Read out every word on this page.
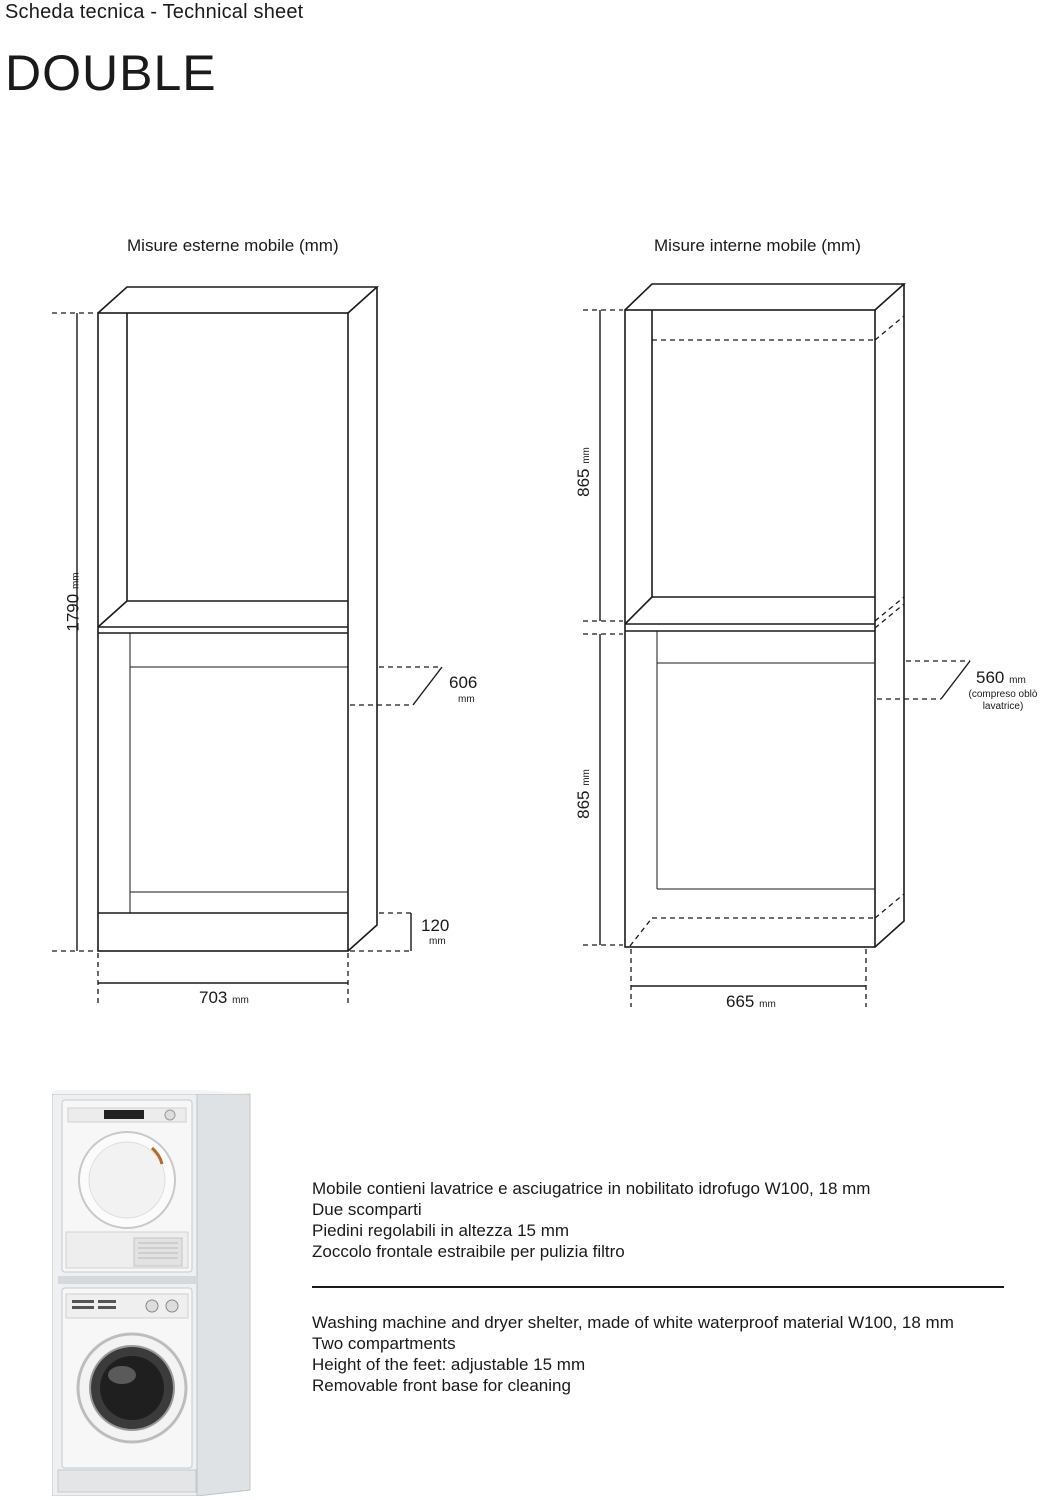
Scheda tecnica - Technical sheet
DOUBLE
Misure esterne mobile (mm)	Misure interne mobile (mm)
1790 mm
606
mm
120
mm
703 mm
865 mm
865 mm
560 mm
(compreso oblò lavatrice)
665 mm
Mobile contieni lavatrice e asciugatrice in nobilitato idrofugo W100, 18 mm
Due scomparti
Piedini regolabili in altezza 15 mm
Zoccolo frontale estraibile per pulizia filtro
Washing machine and dryer shelter, made of white waterproof material W100, 18 mm
Two compartments
Height of the feet: adjustable 15 mm
Removable front base for cleaning
